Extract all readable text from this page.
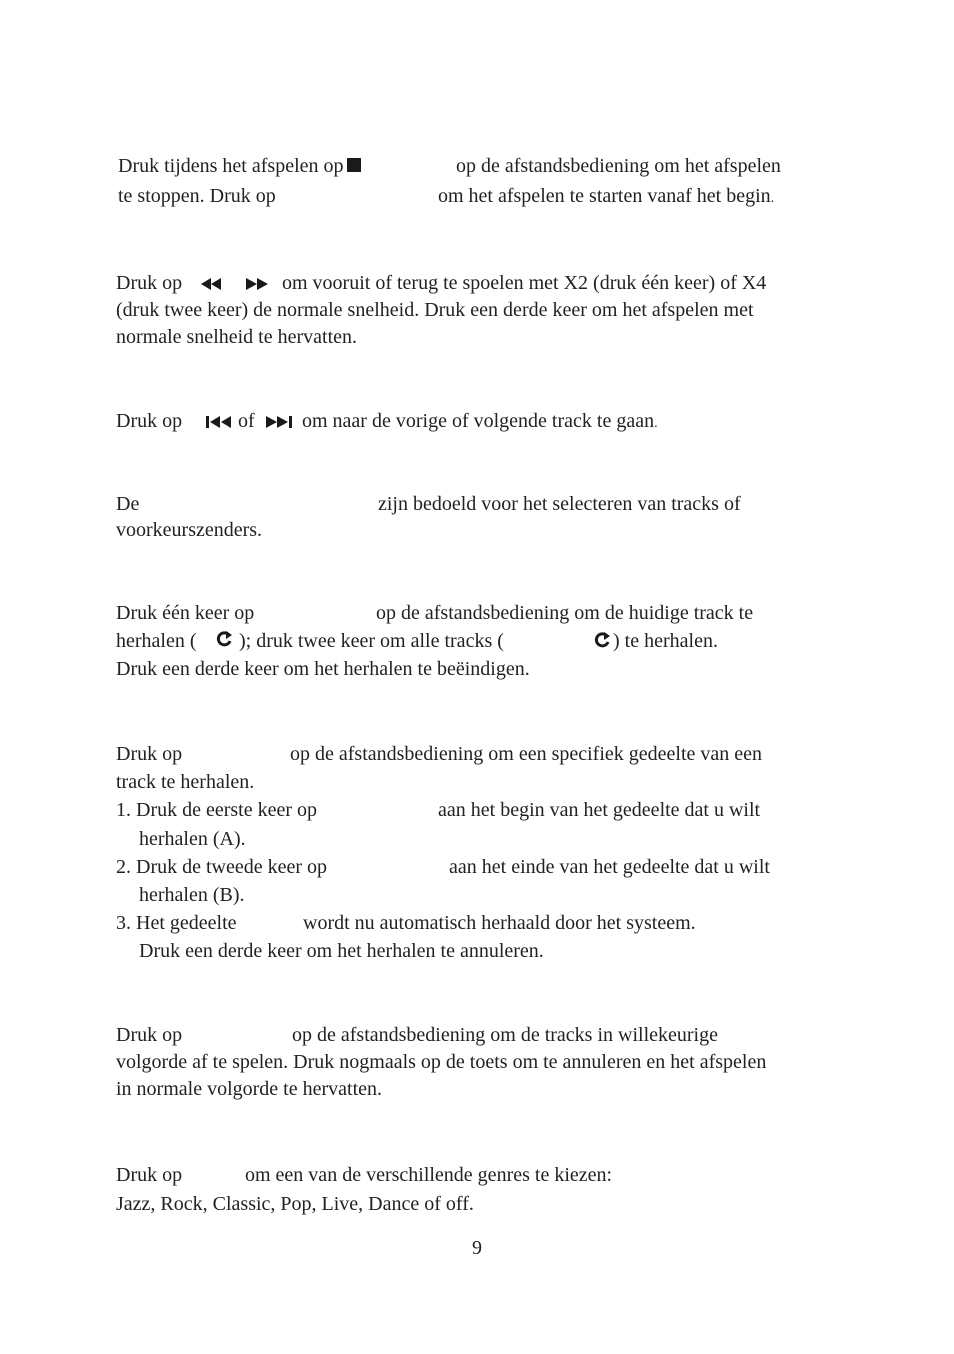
Druk tijdens het afspelen op	op de afstandsbediening om het afspelen
te stoppen. Druk op	om het afspelen te starten vanaf het begin.
Druk op	om vooruit of terug te spoelen met X2 (druk één keer) of X4
(druk twee keer) de normale snelheid. Druk een derde keer om het afspelen met
normale snelheid te hervatten.
Druk op	of om naar de vorige of volgende track te gaan.
De	zijn bedoeld voor het selecteren van tracks of
voorkeurszenders.
Druk één keer op	op de afstandsbediening om de huidige track te
herhalen ( ); druk twee keer om alle tracks (	) te herhalen.
Druk een derde keer om het herhalen te beëindigen.
Druk op	op de afstandsbediening om een specifiek gedeelte van een
track te herhalen.
1. Druk de eerste keer op	aan het begin van het gedeelte dat u wilt
herhalen (A).
2. Druk de tweede keer op	aan het einde van het gedeelte dat u wilt
herhalen (B).
3. Het gedeelte	wordt nu automatisch herhaald door het systeem.
Druk een derde keer om het herhalen te annuleren.
Druk op	op de afstandsbediening om de tracks in willekeurige
volgorde af te spelen. Druk nogmaals op de toets om te annuleren en het afspelen
in normale volgorde te hervatten.
Druk op	om een van de verschillende genres te kiezen:
Jazz, Rock, Classic, Pop, Live, Dance of off.
9
